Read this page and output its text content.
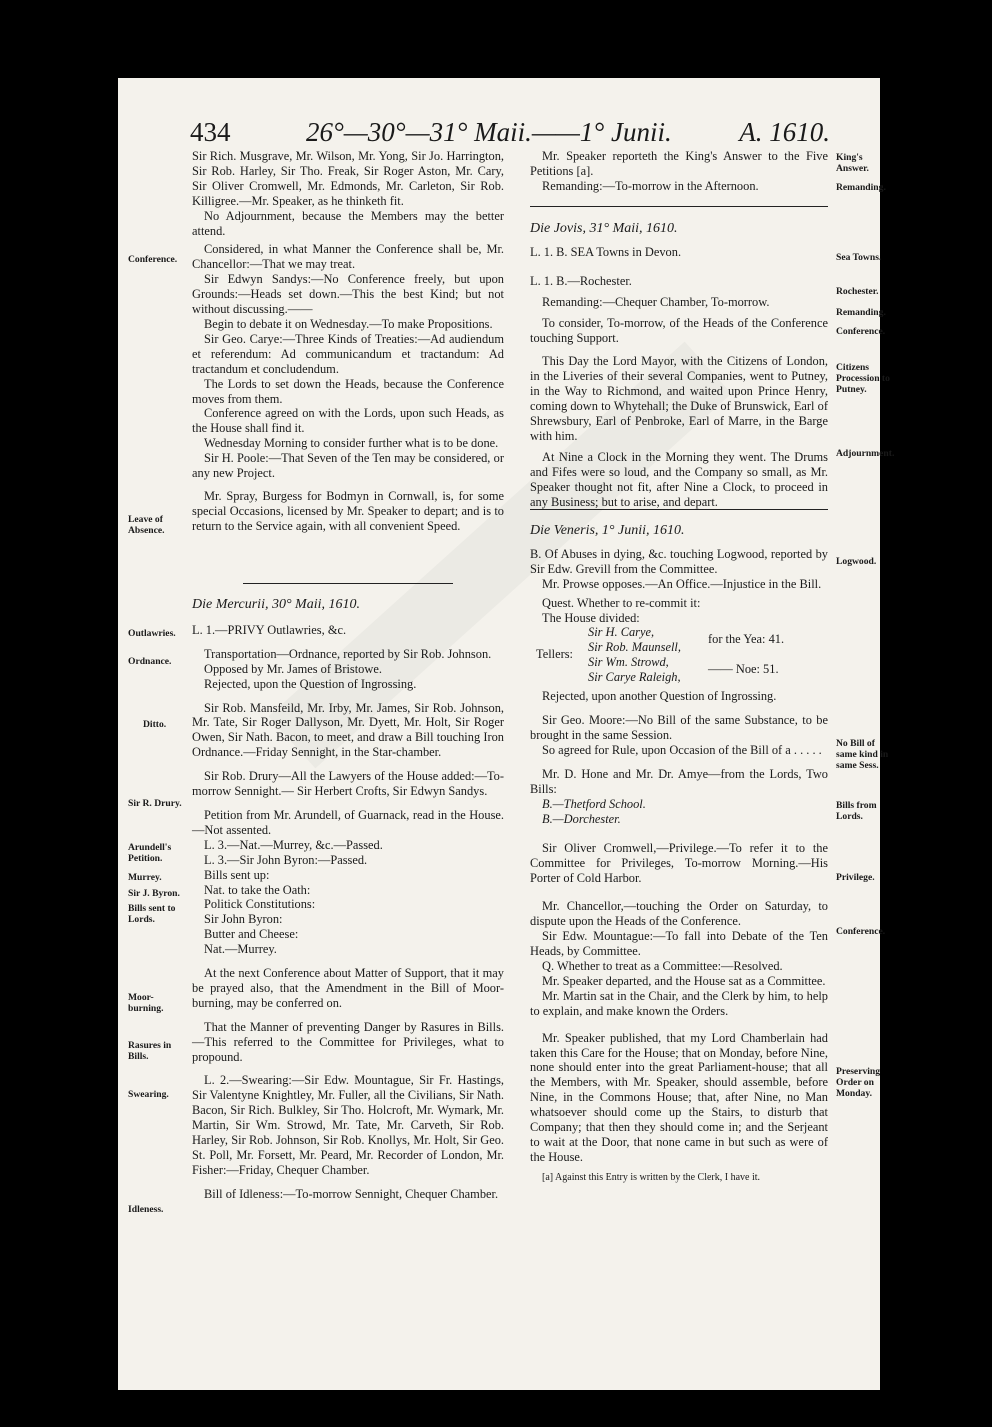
434	26°—30°—31° Maii.——1° Junii.	A. 1610.
Conference.
Leave of Absence.
Outlawries.
Ordnance.
Ditto.
Sir R. Drury.
Arundell's Petition.
Murrey.
Sir J. Byron.
Bills sent to Lords.
Moor-burning.
Rasures in Bills.
Swearing.
Idleness.

Sir Rich. Musgrave, Mr. Wilson, Mr. Yong, Sir Jo. Harrington, Sir Rob. Harley, Sir Tho. Freak, Sir Roger Aston, Mr. Cary, Sir Oliver Cromwell, Mr. Edmonds, Mr. Carleton, Sir Rob. Killigree.—Mr. Speaker, as he thinketh fit.

No Adjournment, because the Members may the better attend.

Considered, in what Manner the Conference shall be, Mr. Chancellor:—That we may treat.

Sir Edwyn Sandys:—No Conference freely, but upon Grounds:—Heads set down.—This the best Kind; but not without discussing.——

Begin to debate it on Wednesday.—To make Propositions.

Sir Geo. Carye:—Three Kinds of Treaties:—Ad audiendum et referendum: Ad communicandum et tractandum: Ad tractandum et concludendum.

The Lords to set down the Heads, because the Conference moves from them.

Conference agreed on with the Lords, upon such Heads, as the House shall find it.

Wednesday Morning to consider further what is to be done.

Sir H. Poole:—That Seven of the Ten may be considered, or any new Project.

Mr. Spray, Burgess for Bodmyn in Cornwall, is, for some special Occasions, licensed by Mr. Speaker to depart; and is to return to the Service again, with all convenient Speed.

Die Mercurii, 30° Maii, 1610.

L. 1.—PRIVY Outlawries, &c.

Transportation—Ordnance, reported by Sir Rob. Johnson.

Opposed by Mr. James of Bristowe.

Rejected, upon the Question of Ingrossing.

Sir Rob. Mansfeild, Mr. Irby, Mr. James, Sir Rob. Johnson, Mr. Tate, Sir Roger Dallyson, Mr. Dyett, Mr. Holt, Sir Roger Owen, Sir Nath. Bacon, to meet, and draw a Bill touching Iron Ordnance.—Friday Sennight, in the Star-chamber.

Sir Rob. Drury—All the Lawyers of the House added:—To-morrow Sennight.— Sir Herbert Crofts, Sir Edwyn Sandys.

Petition from Mr. Arundell, of Guarnack, read in the House.—Not assented.

L. 3.—Nat.—Murrey, &c.—Passed.

L. 3.—Sir John Byron:—Passed.

Bills sent up:

Nat. to take the Oath:

Politick Constitutions:

Sir John Byron:

Butter and Cheese:

Nat.—Murrey.

At the next Conference about Matter of Support, that it may be prayed also, that the Amendment in the Bill of Moor-burning, may be conferred on.

That the Manner of preventing Danger by Rasures in Bills.—This referred to the Committee for Privileges, what to propound.

L. 2.—Swearing:—Sir Edw. Mountague, Sir Fr. Hastings, Sir Valentyne Knightley, Mr. Fuller, all the Civilians, Sir Nath. Bacon, Sir Rich. Bulkley, Sir Tho. Holcroft, Mr. Wymark, Mr. Martin, Sir Wm. Strowd, Mr. Tate, Mr. Carveth, Sir Rob. Harley, Sir Rob. Johnson, Sir Rob. Knollys, Mr. Holt, Sir Geo. St. Poll, Mr. Forsett, Mr. Peard, Mr. Recorder of London, Mr. Fisher:—Friday, Chequer Chamber.

Bill of Idleness:—To-morrow Sennight, Chequer Chamber.

Mr. Speaker reporteth the King's Answer to the Five Petitions [a].

Remanding:—To-morrow in the Afternoon.

Die Jovis, 31° Maii, 1610.

L. 1. B. SEA Towns in Devon.

L. 1. B.—Rochester.

Remanding:—Chequer Chamber, To-morrow.

To consider, To-morrow, of the Heads of the Conference touching Support.

This Day the Lord Mayor, with the Citizens of London, in the Liveries of their several Companies, went to Putney, in the Way to Richmond, and waited upon Prince Henry, coming down to Whytehall; the Duke of Brunswick, Earl of Shrewsbury, Earl of Penbroke, Earl of Marre, in the Barge with him.

At Nine a Clock in the Morning they went. The Drums and Fifes were so loud, and the Company so small, as Mr. Speaker thought not fit, after Nine a Clock, to proceed in any Business; but to arise, and depart.

Die Veneris, 1° Junii, 1610.

B. Of Abuses in dying, &c. touching Logwood, reported by Sir Edw. Grevill from the Committee.

Mr. Prowse opposes.—An Office.—Injustice in the Bill.

Quest. Whether to re-commit it:

The House divided:

Tellers:
Sir H. Carye,
Sir Rob. Maunsell,
Sir Wm. Strowd,
Sir Carye Raleigh,
for the Yea: 41.
—— Noe: 51.

Rejected, upon another Question of Ingrossing.

Sir Geo. Moore:—No Bill of the same Substance, to be brought in the same Session.

So agreed for Rule, upon Occasion of the Bill of a . . . . .

Mr. D. Hone and Mr. Dr. Amye—from the Lords, Two Bills:

B.—Thetford School.

B.—Dorchester.

Sir Oliver Cromwell,—Privilege.—To refer it to the Committee for Privileges, To-morrow Morning.—His Porter of Cold Harbor.

Mr. Chancellor,—touching the Order on Saturday, to dispute upon the Heads of the Conference.

Sir Edw. Mountague:—To fall into Debate of the Ten Heads, by Committee.

Q. Whether to treat as a Committee:—Resolved.

Mr. Speaker departed, and the House sat as a Committee.

Mr. Martin sat in the Chair, and the Clerk by him, to help to explain, and make known the Orders.

Mr. Speaker published, that my Lord Chamberlain had taken this Care for the House; that on Monday, before Nine, none should enter into the great Parliament-house; that all the Members, with Mr. Speaker, should assemble, before Nine, in the Commons House; that, after Nine, no Man whatsoever should come up the Stairs, to disturb that Company; that then they should come in; and the Serjeant to wait at the Door, that none came in but such as were of the House.

[a] Against this Entry is written by the Clerk, I have it.

King's Answer.
Remanding.
Sea Towns.
Rochester.
Remanding.
Conference.
Citizens Procession to Putney.
Adjournment.
Logwood.
No Bill of same kind in same Sess.
Bills from Lords.
Privilege.
Conference.
Preserving Order on Monday.
